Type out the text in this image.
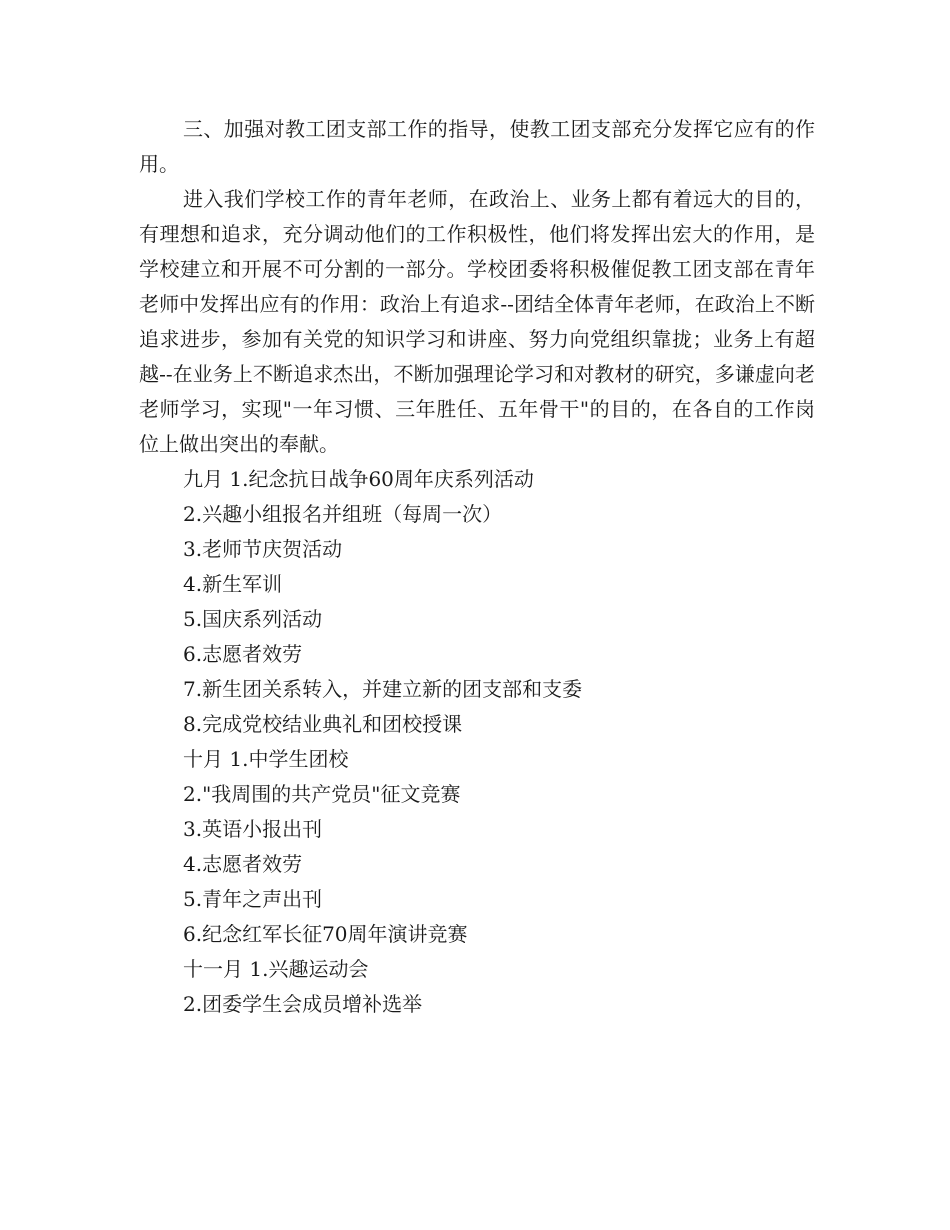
三、加强对教工团支部工作的指导，使教工团支部充分发挥它应有的作用。

进入我们学校工作的青年老师，在政治上、业务上都有着远大的目的，有理想和追求，充分调动他们的工作积极性，他们将发挥出宏大的作用，是学校建立和开展不可分割的一部分。学校团委将积极催促教工团支部在青年老师中发挥出应有的作用：政治上有追求--团结全体青年老师，在政治上不断追求进步，参加有关党的知识学习和讲座、努力向党组织靠拢；业务上有超越--在业务上不断追求杰出，不断加强理论学习和对教材的研究，多谦虚向老老师学习，实现"一年习惯、三年胜任、五年骨干"的目的，在各自的工作岗位上做出突出的奉献。

九月 1.纪念抗日战争60周年庆系列活动

2.兴趣小组报名并组班（每周一次）

3.老师节庆贺活动

4.新生军训

5.国庆系列活动

6.志愿者效劳

7.新生团关系转入，并建立新的团支部和支委

8.完成党校结业典礼和团校授课

十月 1.中学生团校

2."我周围的共产党员"征文竞赛

3.英语小报出刊

4.志愿者效劳

5.青年之声出刊

6.纪念红军长征70周年演讲竞赛

十一月 1.兴趣运动会

2.团委学生会成员增补选举
